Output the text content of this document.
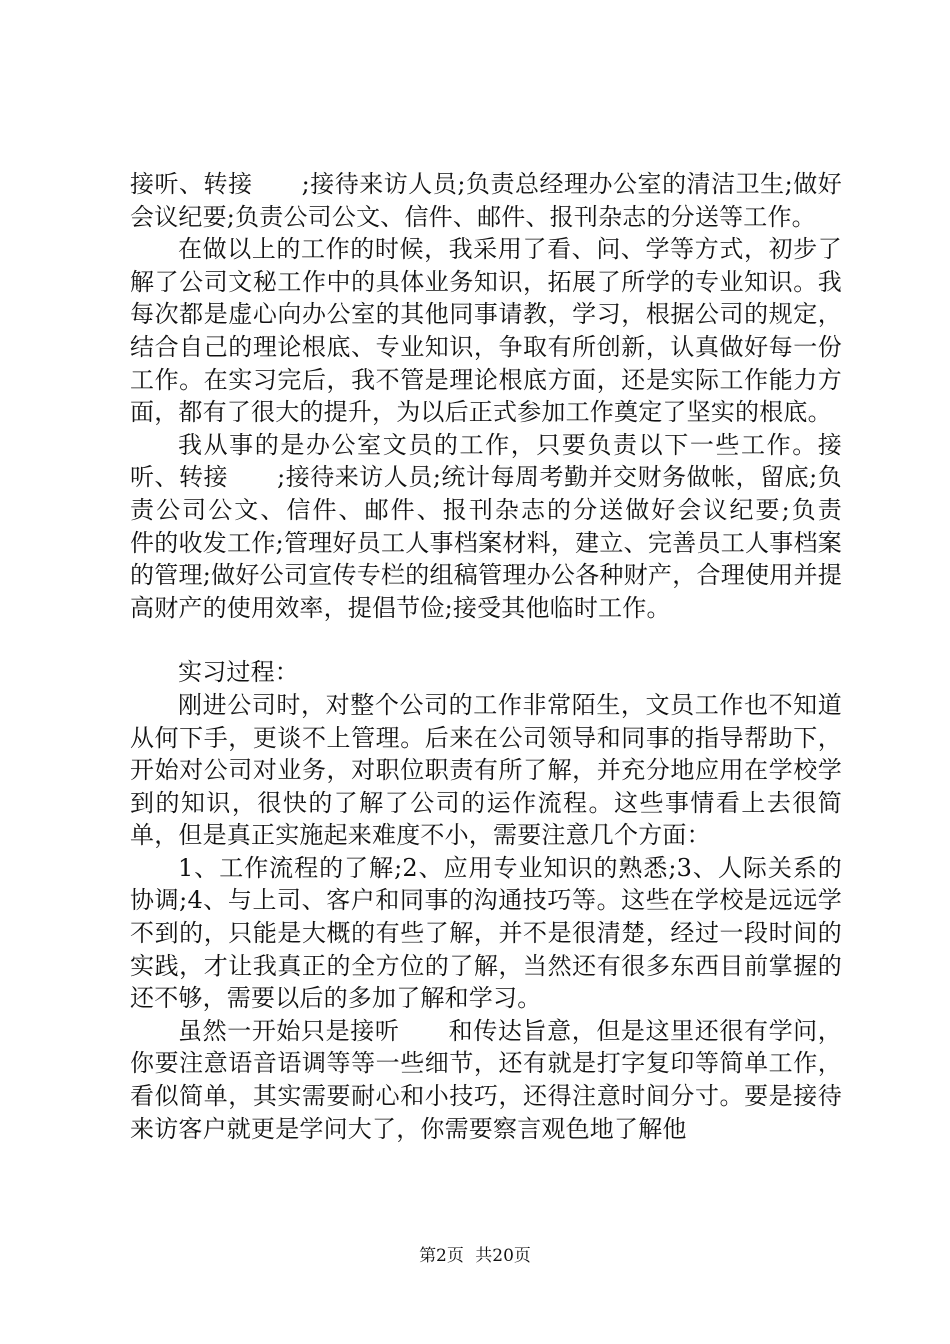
接听、转接　　;接待来访人员;负责总经理办公室的清洁卫生;做好会议纪要;负责公司公文、信件、邮件、报刊杂志的分送等工作。

在做以上的工作的时候，我采用了看、问、学等方式，初步了解了公司文秘工作中的具体业务知识，拓展了所学的专业知识。我每次都是虚心向办公室的其他同事请教，学习，根据公司的规定，结合自己的理论根底、专业知识，争取有所创新，认真做好每一份工作。在实习完后，我不管是理论根底方面，还是实际工作能力方面，都有了很大的提升，为以后正式参加工作奠定了坚实的根底。

我从事的是办公室文员的工作，只要负责以下一些工作。接听、转接　　;接待来访人员;统计每周考勤并交财务做帐，留底;负责公司公文、信件、邮件、报刊杂志的分送做好会议纪要;负责　　件的收发工作;管理好员工人事档案材料，建立、完善员工人事档案的管理;做好公司宣传专栏的组稿管理办公各种财产，合理使用并提高财产的使用效率，提倡节俭;接受其他临时工作。

实习过程：

刚进公司时，对整个公司的工作非常陌生，文员工作也不知道从何下手，更谈不上管理。后来在公司领导和同事的指导帮助下，开始对公司对业务，对职位职责有所了解，并充分地应用在学校学到的知识，很快的了解了公司的运作流程。这些事情看上去很简单，但是真正实施起来难度不小，需要注意几个方面：

1、工作流程的了解;2、应用专业知识的熟悉;3、人际关系的协调;4、与上司、客户和同事的沟通技巧等。这些在学校是远远学不到的，只能是大概的有些了解，并不是很清楚，经过一段时间的实践，才让我真正的全方位的了解，当然还有很多东西目前掌握的还不够，需要以后的多加了解和学习。

虽然一开始只是接听　　和传达旨意，但是这里还很有学问，你要注意语音语调等等一些细节，还有就是打字复印等简单工作，看似简单，其实需要耐心和小技巧，还得注意时间分寸。要是接待来访客户就更是学问大了，你需要察言观色地了解他

第2页 共20页
